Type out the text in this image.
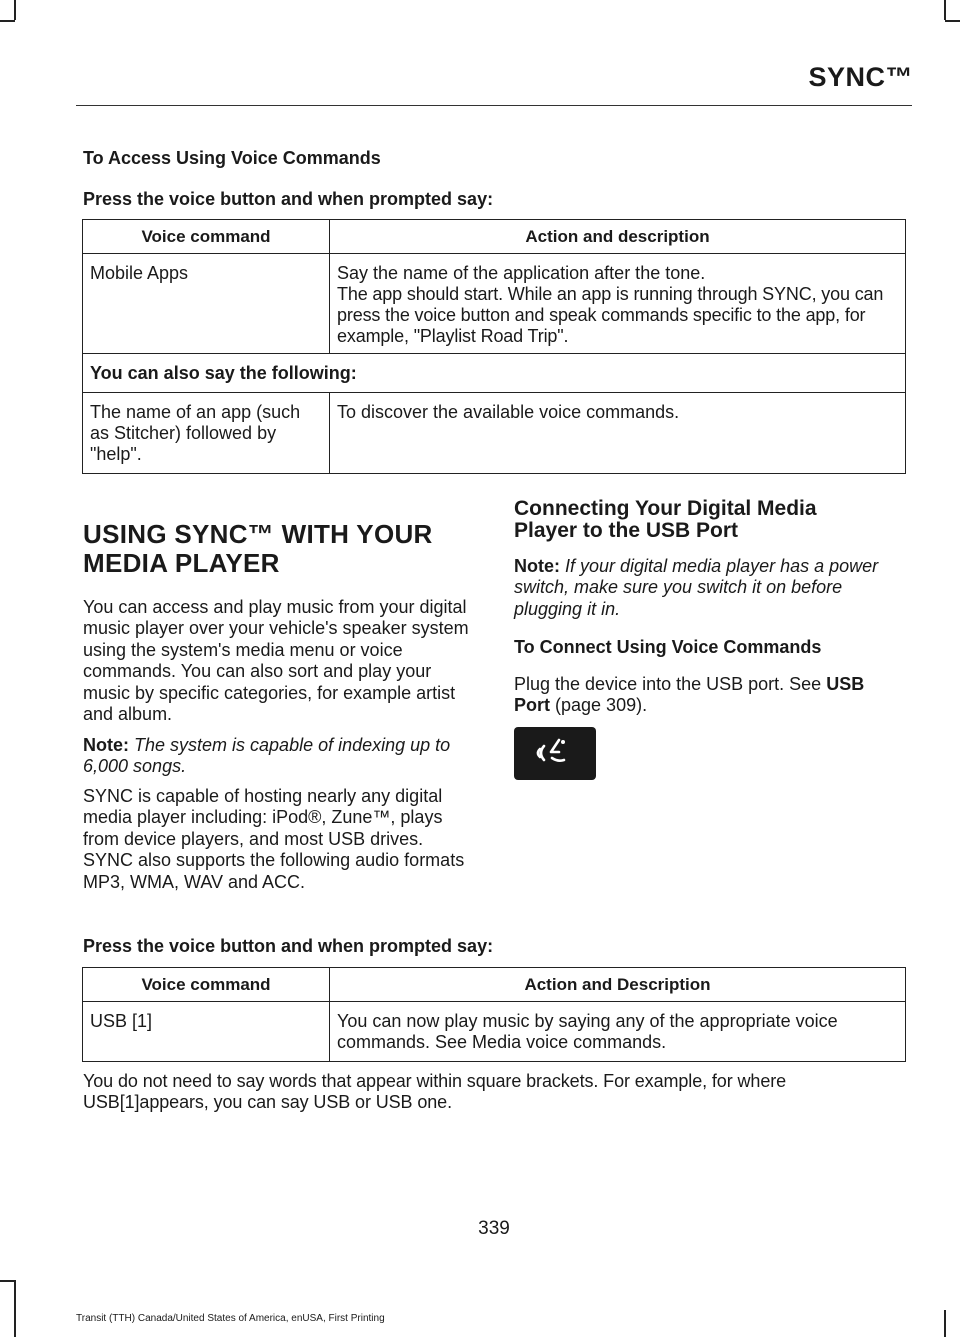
SYNC™
To Access Using Voice Commands
Press the voice button and when prompted say:
Voice command	Action and description
Mobile Apps	Say the name of the application after the tone.
The app should start. While an app is running through SYNC, you can press the voice button and speak commands specific to the app, for example, "Playlist Road Trip".

You can also say the following:	
The name of an app (such as Stitcher) followed by "help".	To discover the available voice commands.
USING SYNC™ WITH YOUR MEDIA PLAYER

You can access and play music from your digital music player over your vehicle's speaker system using the system's media menu or voice commands. You can also sort and play your music by specific categories, for example artist and album.

Note: The system is capable of indexing up to 6,000 songs.

SYNC is capable of hosting nearly any digital media player including: iPod®, Zune™, plays from device players, and most USB drives. SYNC also supports the following audio formats MP3, WMA, WAV and ACC.

Connecting Your Digital Media Player to the USB Port

Note: If your digital media player has a power switch, make sure you switch it on before plugging it in.

To Connect Using Voice Commands

Plug the device into the USB port. See USB Port (page 309).

Press the voice button and when prompted say:
Voice command	Action and Description
USB [1]	You can now play music by saying any of the appropriate voice commands. See Media voice commands.

You do not need to say words that appear within square brackets. For example, for where USB[1]appears, you can say USB or USB one.

339
Transit (TTH) Canada/United States of America, enUSA, First Printing
